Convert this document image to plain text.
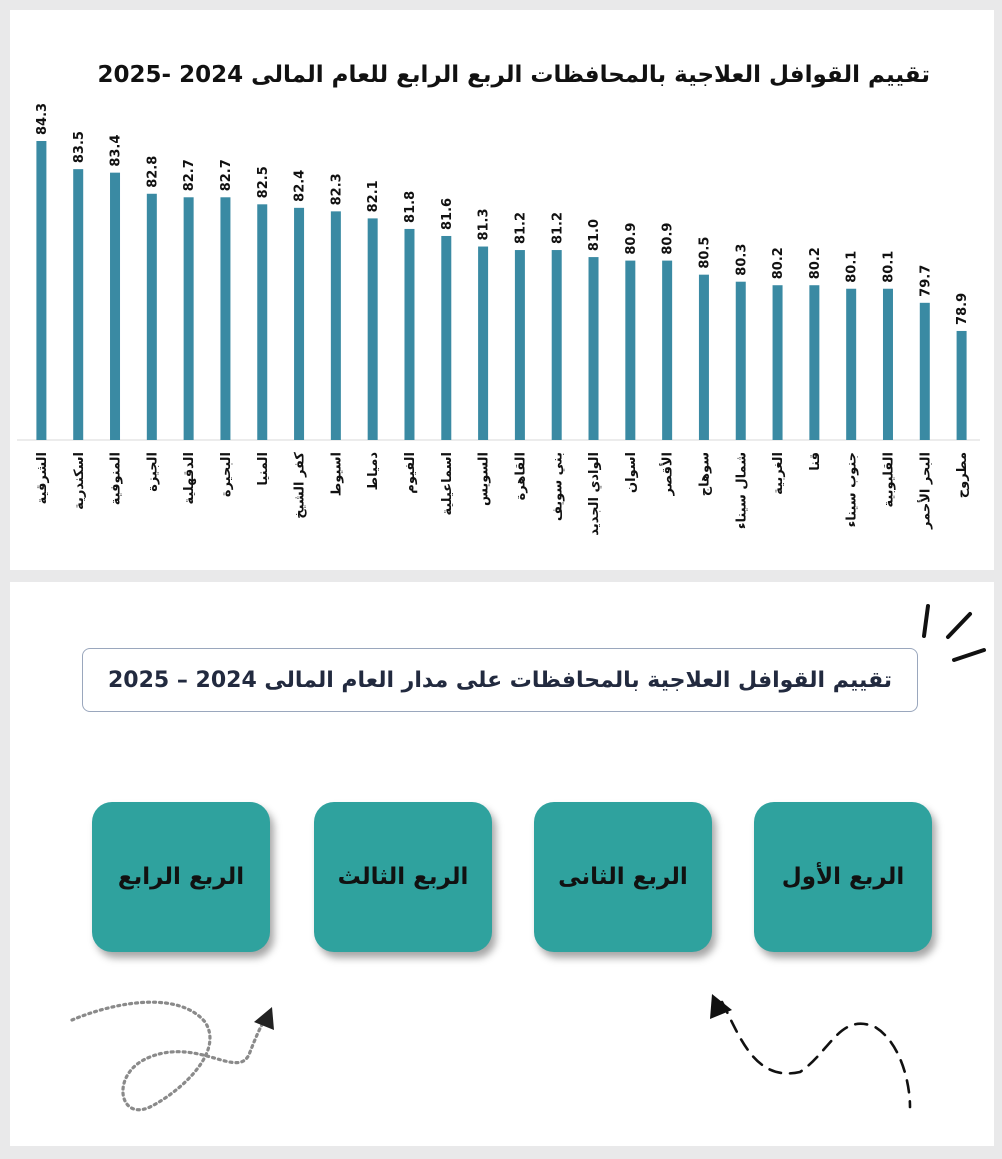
تقييم القوافل العلاجية بالمحافظات الربع الرابع للعام المالى 2024 -2025
84.3
الشرقية
83.5
اسكندرية
83.4
المنوفية
82.8
الجيزة
82.7
الدقهلية
82.7
البحيرة
82.5
المنيا
82.4
كفر الشيخ
82.3
اسيوط
82.1
دمياط
81.8
الفيوم
81.6
اسماعيلية
81.3
السويس
81.2
القاهرة
81.2
بني سويف
81.0
الوادي الجديد
80.9
اسوان
80.9
الأقصر
80.5
سوهاج
80.3
شمال سيناء
80.2
الغربية
80.2
قنا
80.1
جنوب سيناء
80.1
القليوبية
79.7
البحر الأحمر
78.9
مطروح
تقييم القوافل العلاجية بالمحافظات على مدار العام المالى 2024 – 2025
الربع الأول
الربع الثانى
الربع الثالث
الربع الرابع
